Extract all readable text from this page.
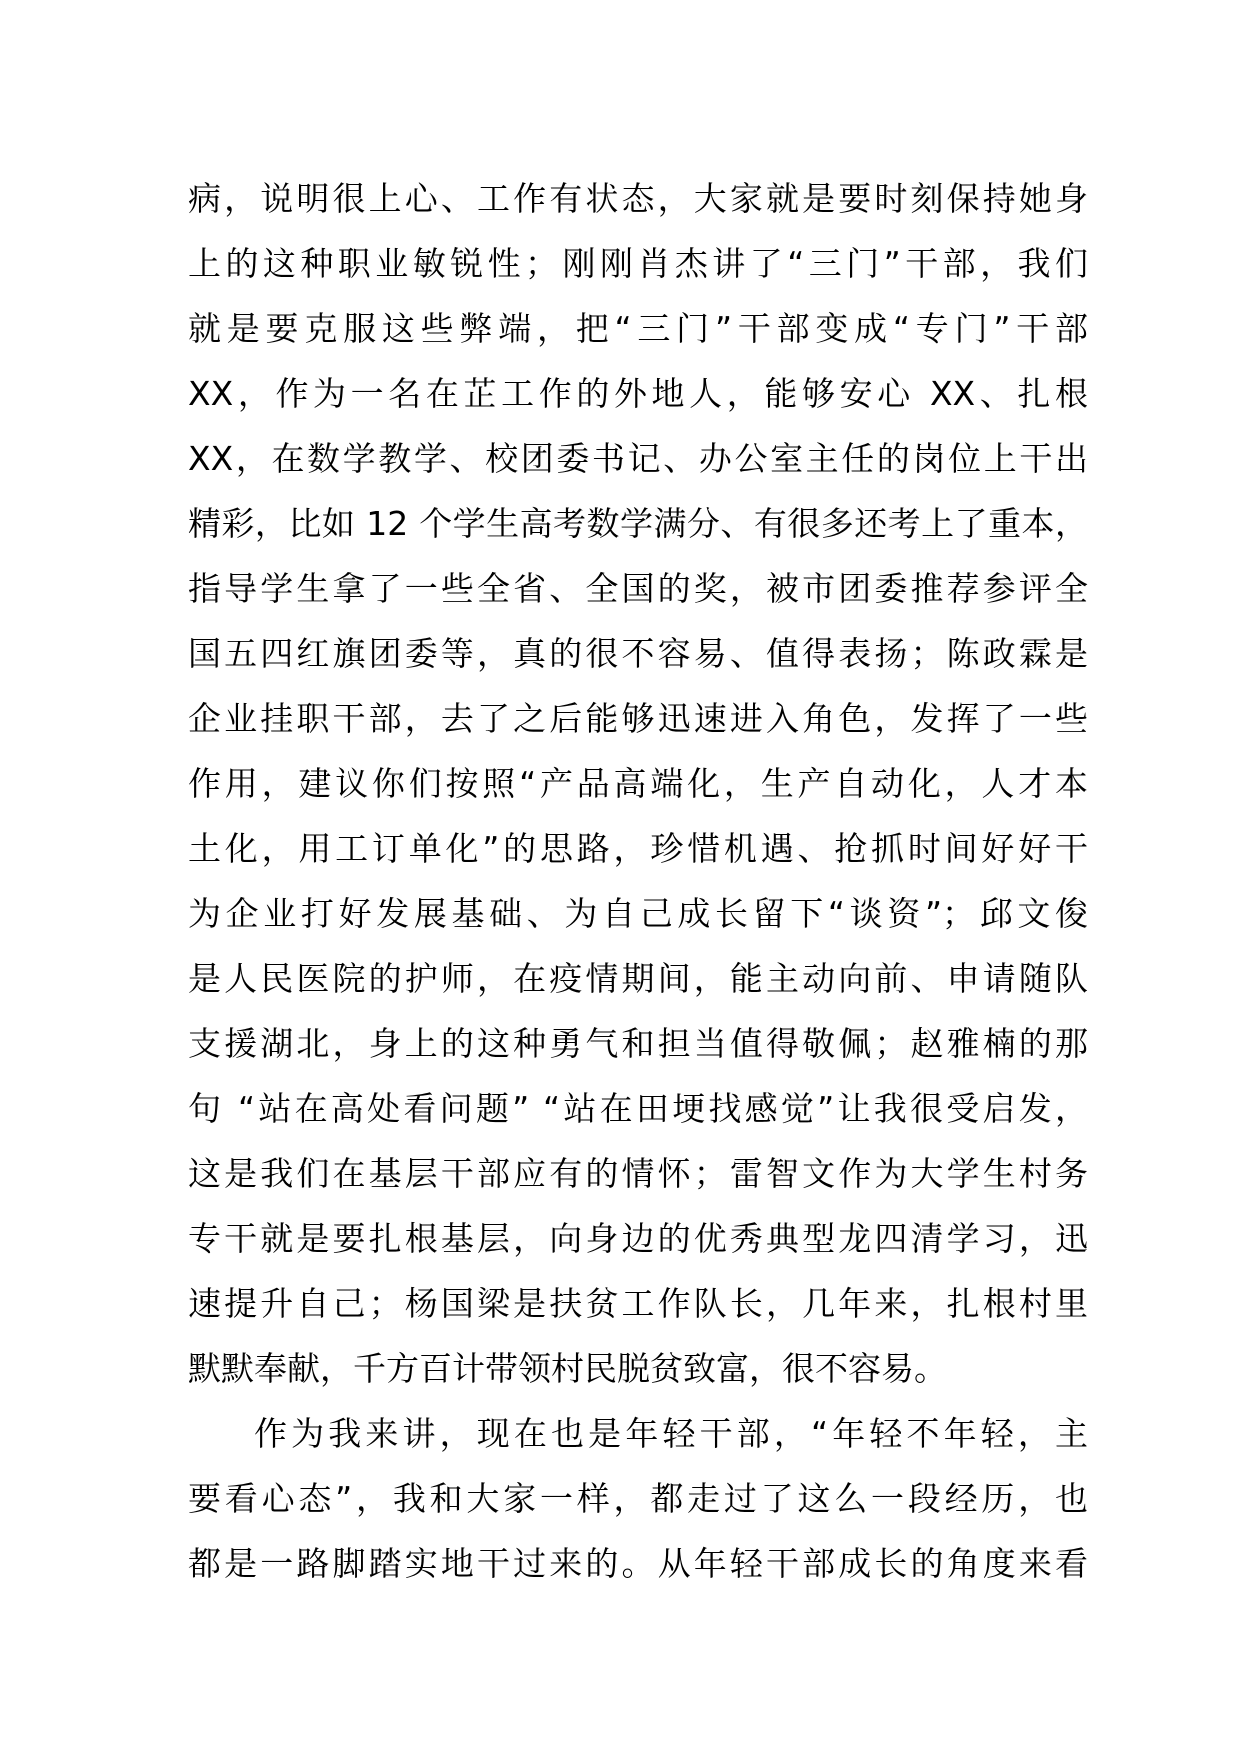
病，说明很上心、工作有状态，大家就是要时刻保持她身
上的这种职业敏锐性；刚刚肖杰讲了“三门”干部，我们
就是要克服这些弊端，把“三门”干部变成“专门”干部
XX，作为一名在芷工作的外地人，能够安心 XX、扎根
XX，在数学教学、校团委书记、办公室主任的岗位上干出
精彩，比如 12 个学生高考数学满分、有很多还考上了重本，
指导学生拿了一些全省、全国的奖，被市团委推荐参评全
国五四红旗团委等，真的很不容易、值得表扬；陈政霖是
企业挂职干部，去了之后能够迅速进入角色，发挥了一些
作用，建议你们按照“产品高端化，生产自动化，人才本
土化，用工订单化”的思路，珍惜机遇、抢抓时间好好干
为企业打好发展基础、为自己成长留下“谈资”；邱文俊
是人民医院的护师，在疫情期间，能主动向前、申请随队
支援湖北，身上的这种勇气和担当值得敬佩；赵雅楠的那
句 “站在高处看问题” “站在田埂找感觉”让我很受启发，
这是我们在基层干部应有的情怀；雷智文作为大学生村务
专干就是要扎根基层，向身边的优秀典型龙四清学习，迅
速提升自己；杨国梁是扶贫工作队长，几年来，扎根村里
默默奉献，千方百计带领村民脱贫致富，很不容易。
作为我来讲，现在也是年轻干部，“年轻不年轻，主
要看心态”，我和大家一样，都走过了这么一段经历，也
都是一路脚踏实地干过来的。从年轻干部成长的角度来看
